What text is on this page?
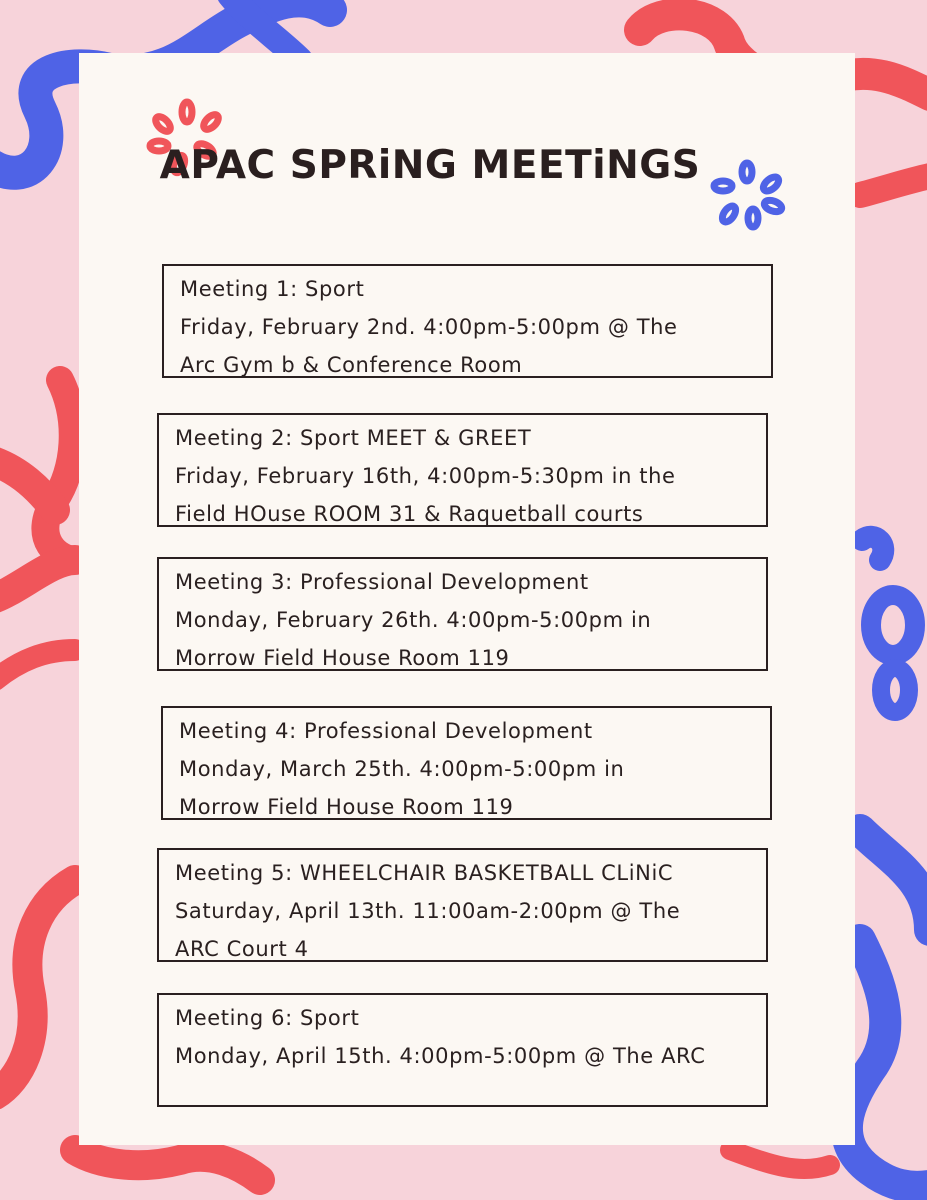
APAC SPRiNG MEETiNGS
Meeting 1: Sport
Friday, February 2nd. 4:00pm-5:00pm @ The
Arc Gym b & Conference Room
Meeting 2: Sport MEET & GREET
Friday, February 16th, 4:00pm-5:30pm in the
Field HOuse ROOM 31 & Raquetball courts
Meeting 3: Professional Development
Monday, February 26th. 4:00pm-5:00pm in
Morrow Field House Room 119
Meeting 4: Professional Development
Monday, March 25th. 4:00pm-5:00pm in
Morrow Field House Room 119
Meeting 5: WHEELCHAIR BASKETBALL CLiNiC
Saturday, April 13th. 11:00am-2:00pm @ The
ARC Court 4
Meeting 6: Sport
Monday, April 15th. 4:00pm-5:00pm @ The ARC
